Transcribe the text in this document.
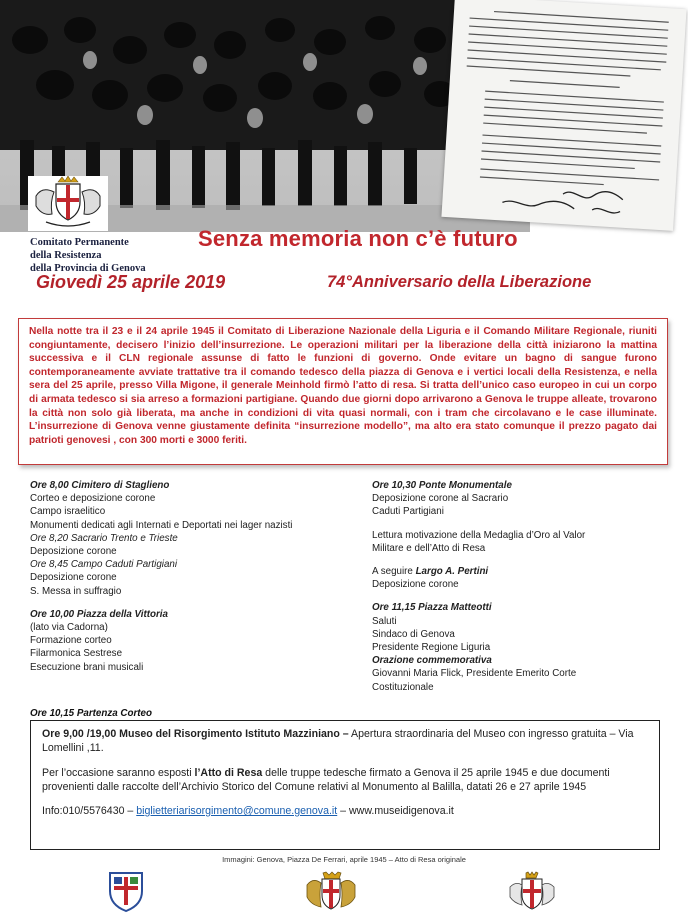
Comitato Permanente
della Resistenza
della Provincia di Genova
Senza memoria non c’è futuro
Giovedì 25 aprile 2019	74°Anniversario della Liberazione
Nella notte tra il 23 e il 24 aprile 1945 il Comitato di Liberazione Nazionale della Liguria e il Comando Militare Regionale, riuniti congiuntamente, decisero l’inizio dell’insurrezione. Le operazioni militari per la liberazione della città iniziarono la mattina successiva e il CLN regionale assunse di fatto le funzioni di governo. Onde evitare un bagno di sangue furono contemporaneamente avviate trattative tra il comando tedesco della piazza di Genova e i vertici locali della Resistenza, e nella sera del 25 aprile, presso Villa Migone, il generale Meinhold firmò l’atto di resa. Si tratta dell’unico caso europeo in cui un corpo di armata tedesco si sia arreso a formazioni partigiane. Quando due giorni dopo arrivarono a Genova le truppe alleate, trovarono la città non solo già liberata, ma anche in condizioni di vita quasi normali, con i tram che circolavano e le case illuminate. L’insurrezione di Genova venne giustamente definita “insurrezione modello”, ma alto era stato comunque il prezzo pagato dai patrioti genovesi , con 300 morti e 3000 feriti.
Ore 8,00 Cimitero di Staglieno
Corteo e deposizione corone
Campo israelitico
Monumenti dedicati agli Internati e Deportati nei lager nazisti
Ore 8,20 Sacrario Trento e Trieste
Deposizione corone
Ore 8,45 Campo Caduti Partigiani
Deposizione corone
S. Messa in suffragio
Ore 10,00 Piazza della Vittoria
(lato via Cadorna)
Formazione corteo
Filarmonica Sestrese
Esecuzione brani musicali
Ore 10,15 Partenza Corteo
Ore 10,30 Ponte Monumentale
Deposizione corone al Sacrario
Caduti Partigiani
Lettura motivazione della Medaglia d’Oro al Valor
Militare e dell’Atto di Resa
A seguire Largo A. Pertini
Deposizione corone
Ore 11,15 Piazza Matteotti
Saluti
Sindaco di Genova
Presidente Regione Liguria
Orazione commemorativa
Giovanni Maria Flick, Presidente Emerito Corte
Costituzionale

Ore 9,00 /19,00 Museo del Risorgimento Istituto Mazziniano – Apertura straordinaria del Museo con ingresso gratuita – Via Lomellini ,11.

Per l’occasione saranno esposti l’Atto di Resa delle truppe tedesche firmato a Genova il 25 aprile 1945 e due documenti provenienti dalle raccolte dell’Archivio Storico del Comune relativi al Monumento al Balilla, datati 26 e 27 aprile 1945

Info:010/5576430 – biglietteriarisorgimento@comune.genova.it – www.museidigenova.it

Immagini: Genova, Piazza De Ferrari, aprile 1945 – Atto di Resa originale
